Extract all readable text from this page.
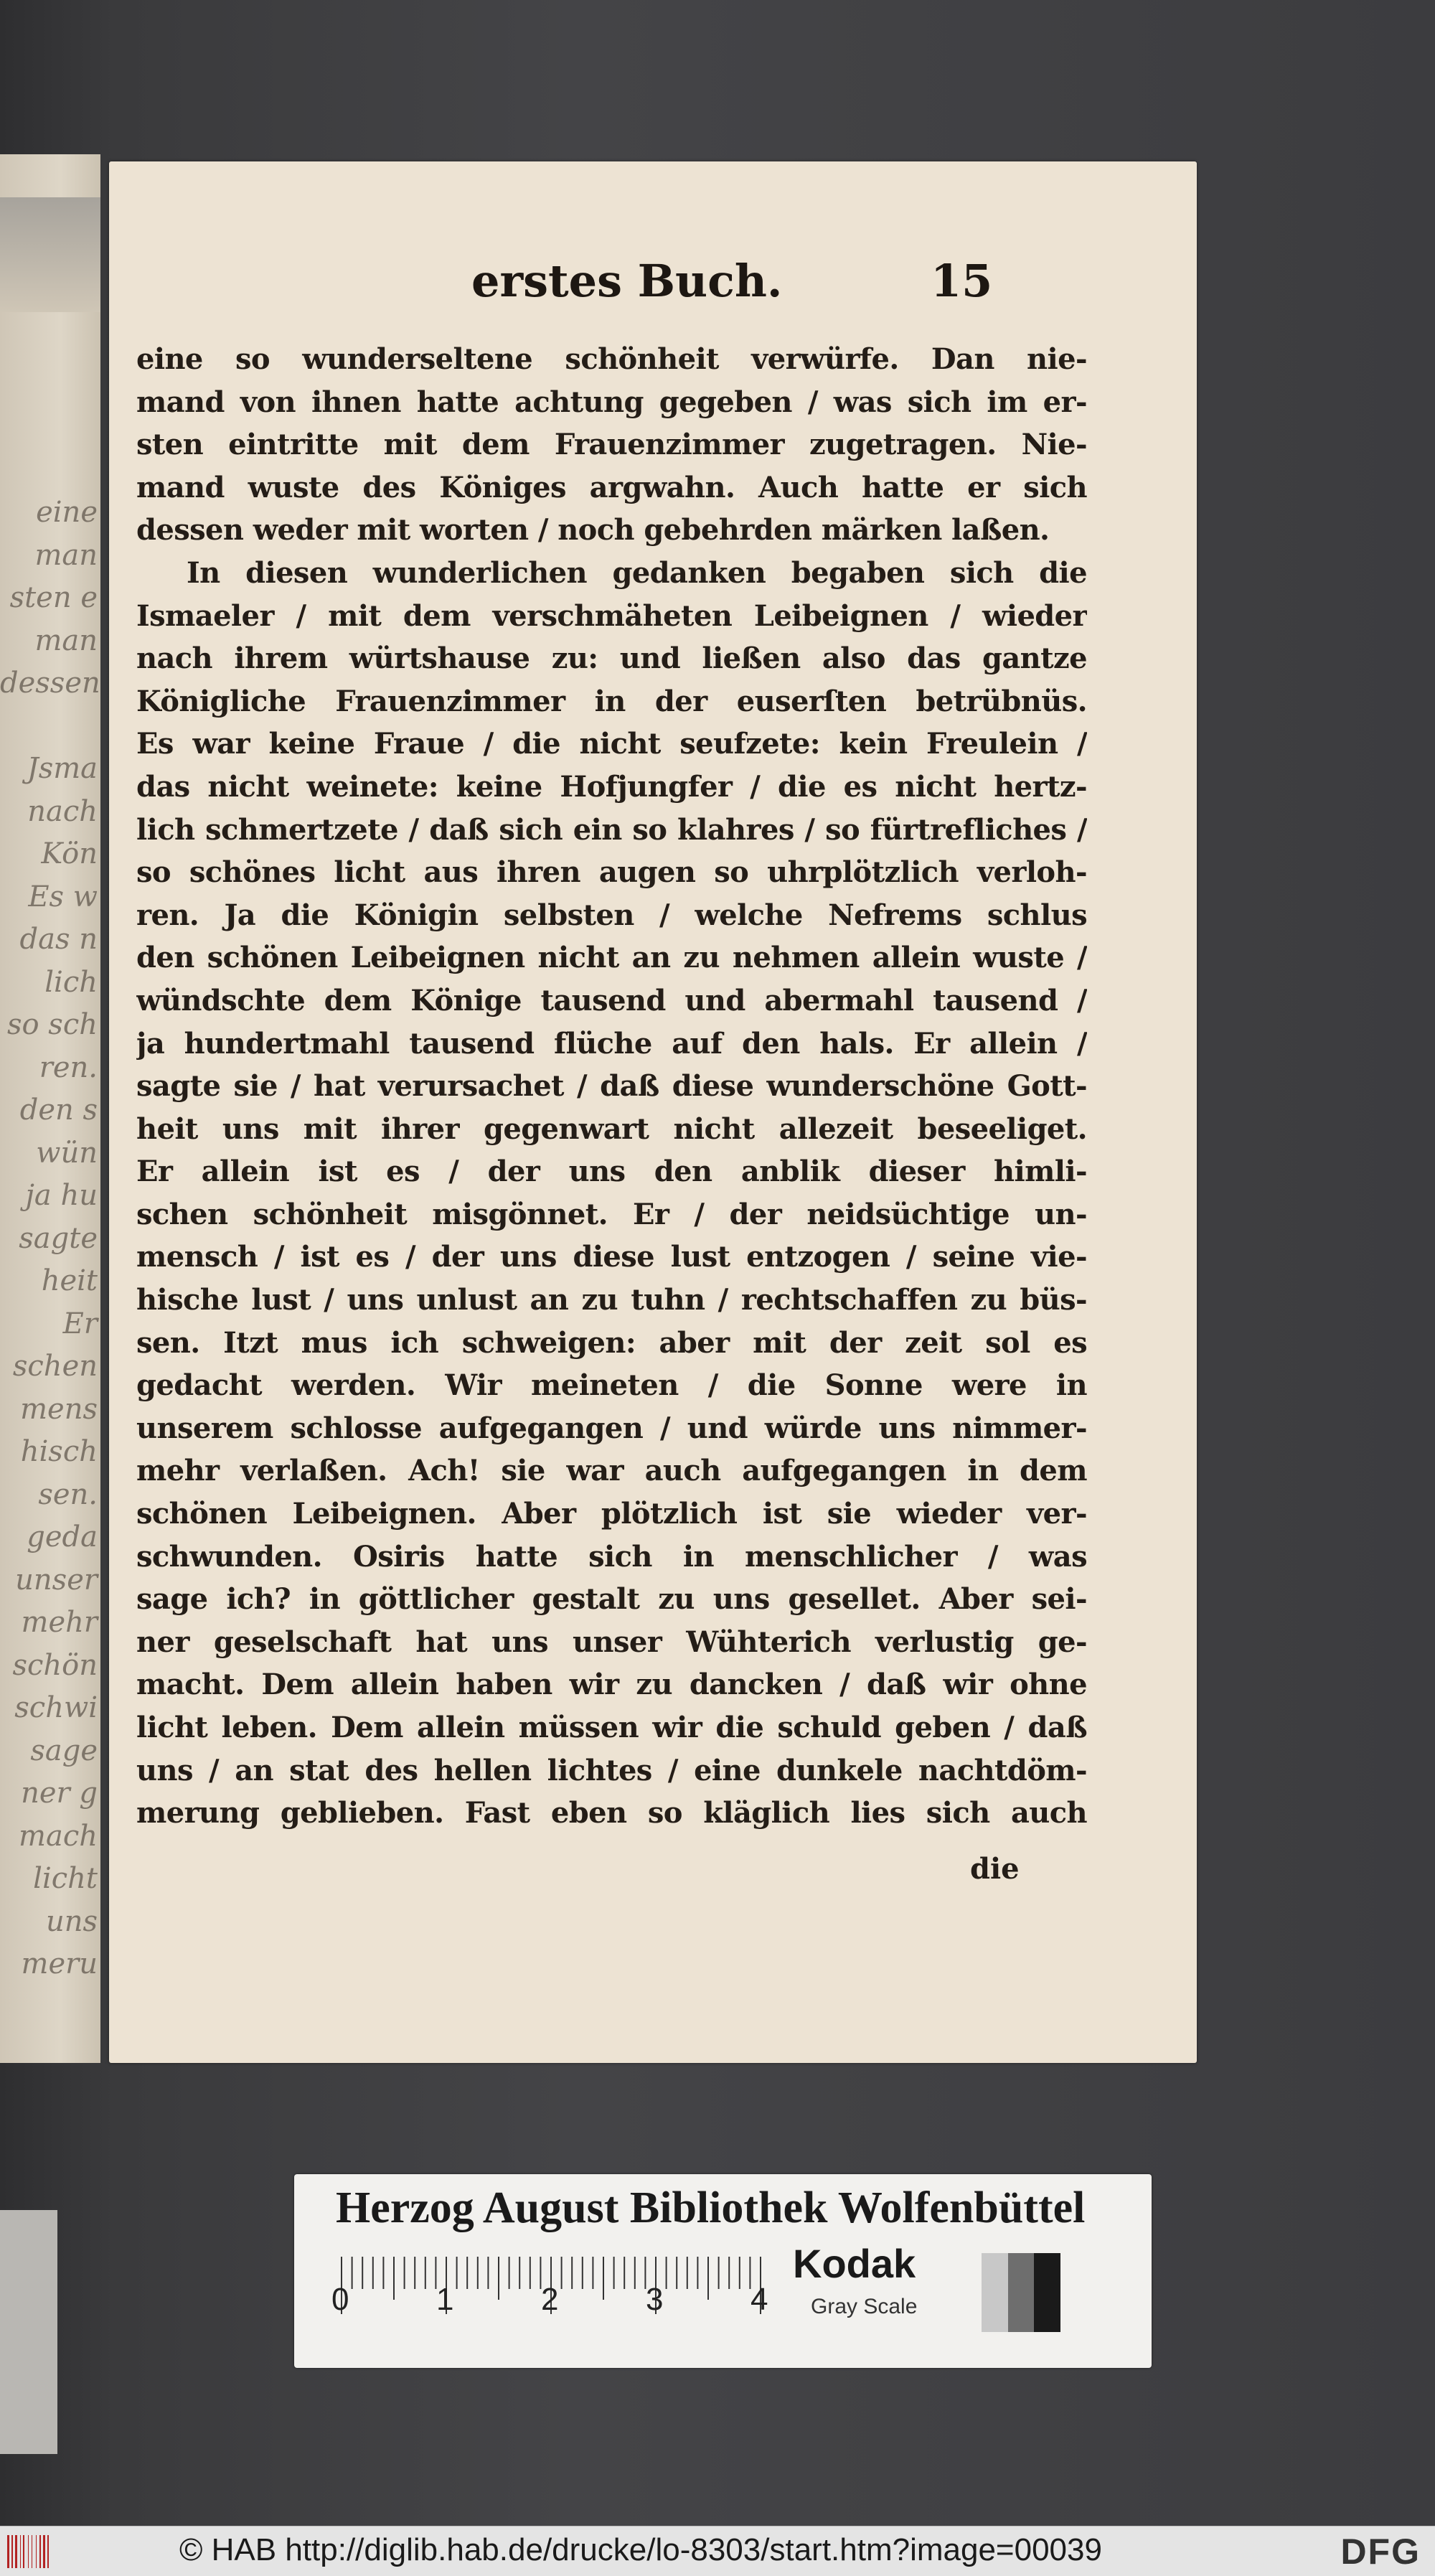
eine
man
sten e
man
dessen

Jsma
nach
Kön
Es w
das n
lich
so sch
ren.
den s
wün
ja hu
sagte
heit
Er
schen
mens
hisch
sen.
geda
unser
mehr
schön
schwi
sage
ner g
mach
licht
uns
meru
erstes Buch.	15
eine so wunderseltene schönheit verwürfe. Dan nie-
mand von ihnen hatte achtung gegeben / was sich im er-
sten eintritte mit dem Frauenzimmer zugetragen. Nie-
mand wuste des Königes argwahn. Auch hatte er sich
dessen weder mit worten / noch gebehrden märken laßen.
In diesen wunderlichen gedanken begaben sich die
Ismaeler / mit dem verschmäheten Leibeignen / wieder
nach ihrem würtshause zu: und ließen also das gantze
Königliche Frauenzimmer in der euserſten betrübnüs.
Es war keine Fraue / die nicht seufzete: kein Freulein /
das nicht weinete: keine Hofjungfer / die es nicht hertz-
lich schmertzete / daß sich ein so klahres / so fürtrefliches /
so schönes licht aus ihren augen so uhrplötzlich verloh-
ren. Ja die Königin selbsten / welche Nefrems schlus
den schönen Leibeignen nicht an zu nehmen allein wuste /
wündschte dem Könige tausend und abermahl tausend /
ja hundertmahl tausend flüche auf den hals. Er allein /
sagte sie / hat verursachet / daß diese wunderschöne Gott-
heit uns mit ihrer gegenwart nicht allezeit beseeliget.
Er allein ist es / der uns den anblik dieser himli-
schen schönheit misgönnet. Er / der neidsüchtige un-
mensch / ist es / der uns diese lust entzogen / seine vie-
hische lust / uns unlust an zu tuhn / rechtschaffen zu büs-
sen. Itzt mus ich schweigen: aber mit der zeit sol es
gedacht werden. Wir meineten / die Sonne were in
unserem schlosse aufgegangen / und würde uns nimmer-
mehr verlaßen. Ach! sie war auch aufgegangen in dem
schönen Leibeignen. Aber plötzlich ist sie wieder ver-
schwunden. Osiris hatte sich in menschlicher / was
sage ich? in göttlicher gestalt zu uns gesellet. Aber sei-
ner geselschaft hat uns unser Wühterich verlustig ge-
macht. Dem allein haben wir zu dancken / daß wir ohne
licht leben. Dem allein müssen wir die schuld geben / daß
uns / an stat des hellen lichtes / eine dunkele nachtdöm-
merung geblieben. Fast eben so kläglich lies sich auch
die
Herzog August Bibliothek Wolfenbüttel
0	1	2	3	4
Kodak
Gray Scale
© HAB http://diglib.hab.de/drucke/lo-8303/start.htm?image=00039	DFG
